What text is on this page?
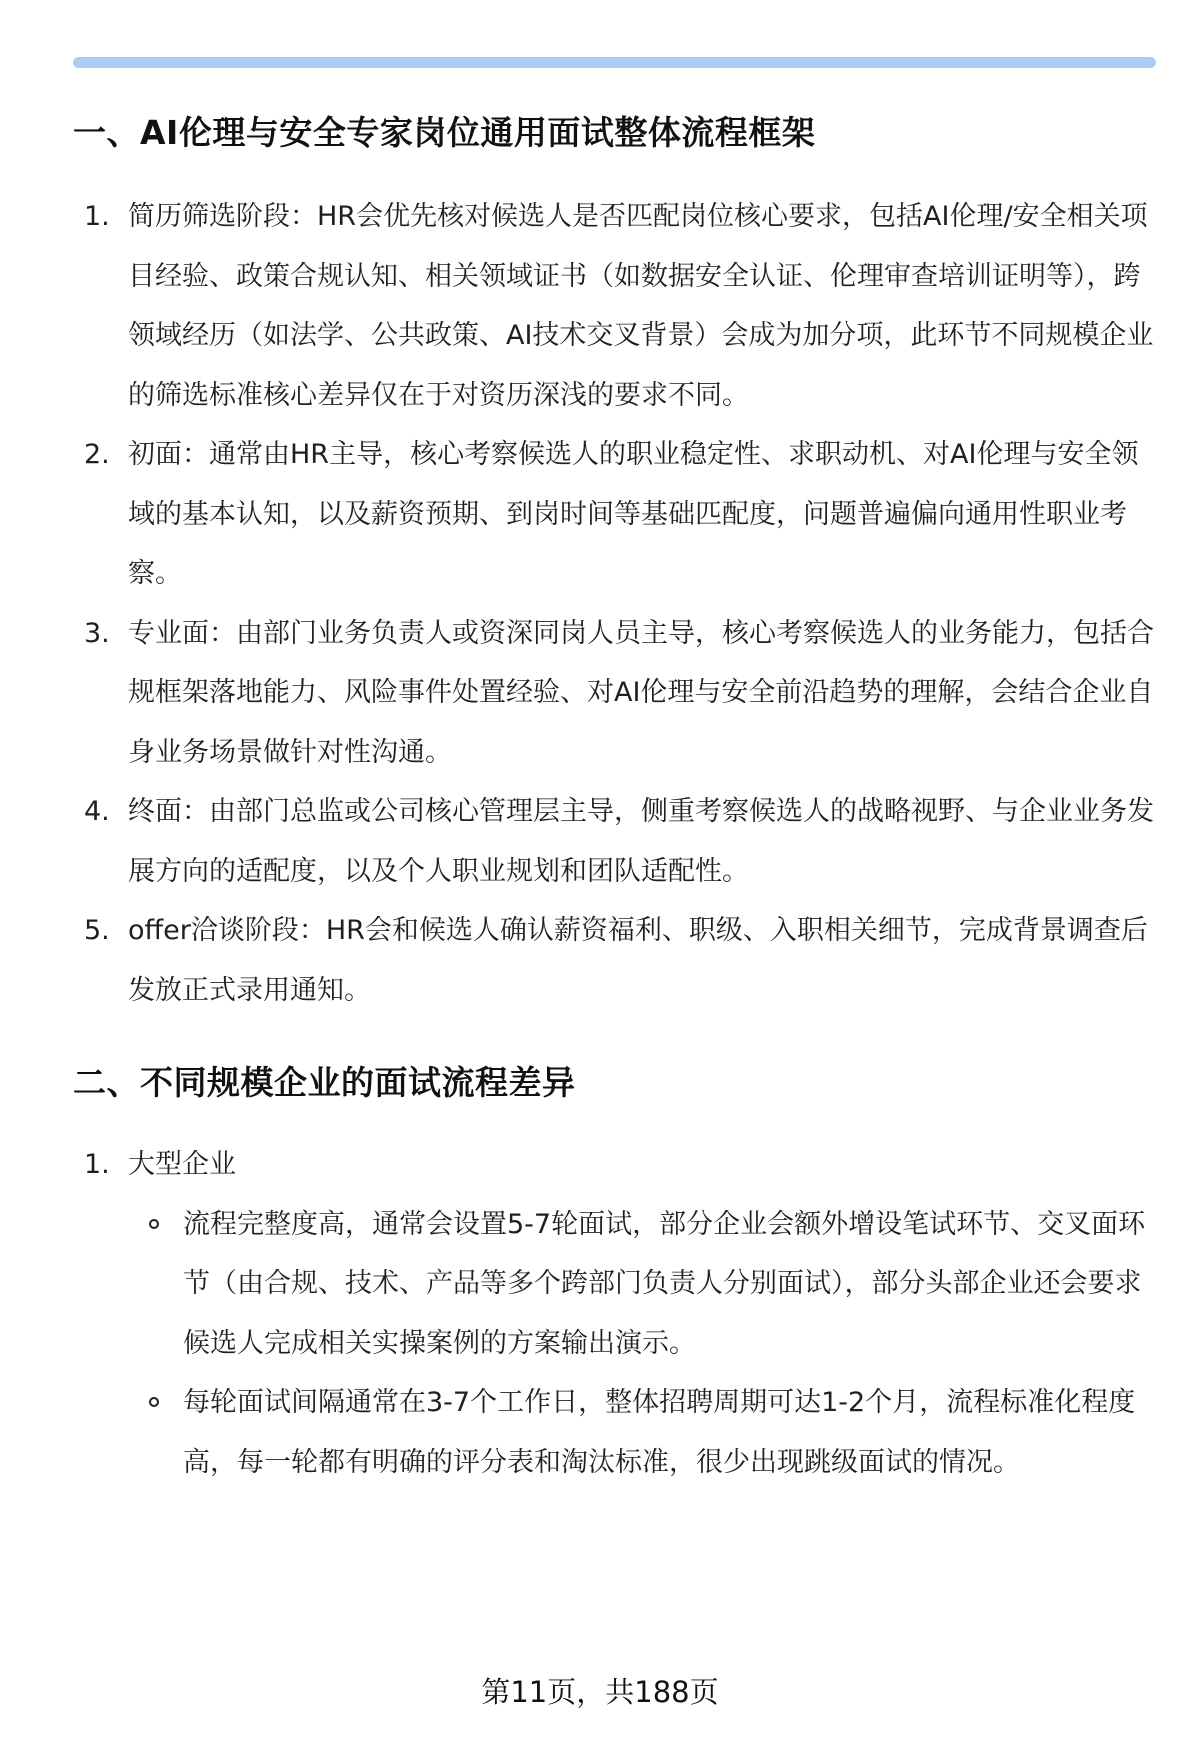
一、AI伦理与安全专家岗位通用面试整体流程框架
1. 简历筛选阶段：HR会优先核对候选人是否匹配岗位核心要求，包括AI伦理/安全相关项目经验、政策合规认知、相关领域证书（如数据安全认证、伦理审查培训证明等），跨领域经历（如法学、公共政策、AI技术交叉背景）会成为加分项，此环节不同规模企业的筛选标准核心差异仅在于对资历深浅的要求不同。
2. 初面：通常由HR主导，核心考察候选人的职业稳定性、求职动机、对AI伦理与安全领域的基本认知，以及薪资预期、到岗时间等基础匹配度，问题普遍偏向通用性职业考察。
3. 专业面：由部门业务负责人或资深同岗人员主导，核心考察候选人的业务能力，包括合规框架落地能力、风险事件处置经验、对AI伦理与安全前沿趋势的理解，会结合企业自身业务场景做针对性沟通。
4. 终面：由部门总监或公司核心管理层主导，侧重考察候选人的战略视野、与企业业务发展方向的适配度，以及个人职业规划和团队适配性。
5. offer洽谈阶段：HR会和候选人确认薪资福利、职级、入职相关细节，完成背景调查后发放正式录用通知。
二、不同规模企业的面试流程差异
1. 大型企业
流程完整度高，通常会设置5-7轮面试，部分企业会额外增设笔试环节、交叉面环节（由合规、技术、产品等多个跨部门负责人分别面试），部分头部企业还会要求候选人完成相关实操案例的方案输出演示。
每轮面试间隔通常在3-7个工作日，整体招聘周期可达1-2个月，流程标准化程度高，每一轮都有明确的评分表和淘汰标准，很少出现跳级面试的情况。
第11页，共188页
